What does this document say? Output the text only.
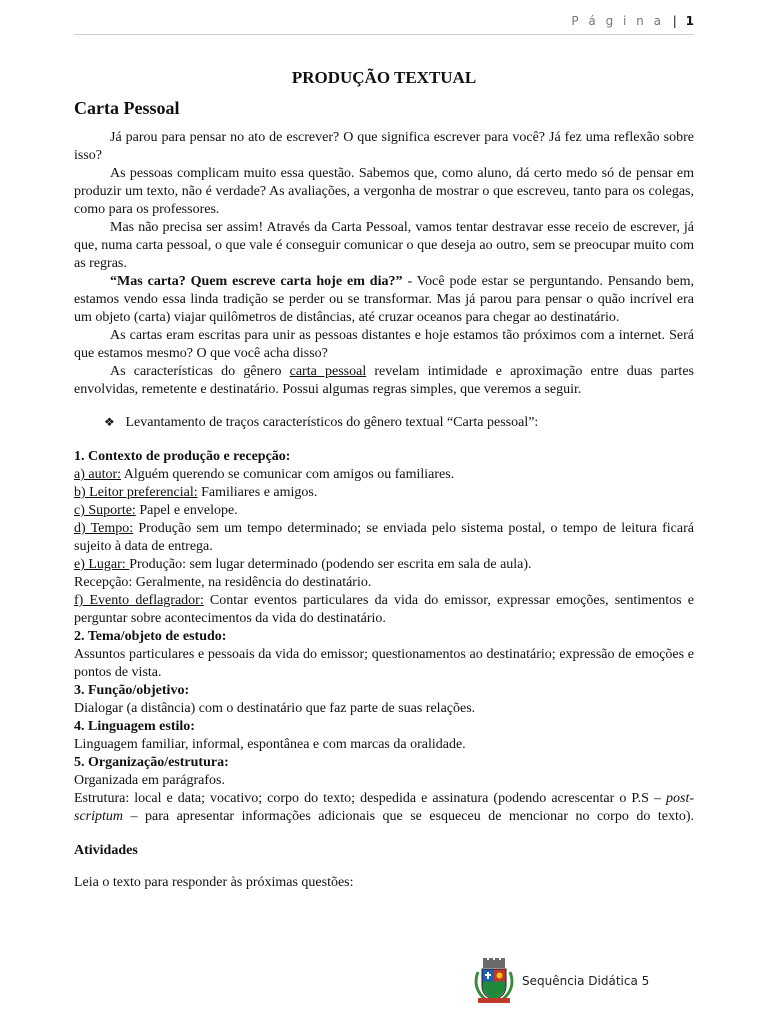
P á g i n a | 1
PRODUÇÃO TEXTUAL
Carta Pessoal

Já parou para pensar no ato de escrever? O que significa escrever para você? Já fez uma reflexão sobre isso?

As pessoas complicam muito essa questão. Sabemos que, como aluno, dá certo medo só de pensar em produzir um texto, não é verdade? As avaliações, a vergonha de mostrar o que escreveu, tanto para os colegas, como para os professores.

Mas não precisa ser assim! Através da Carta Pessoal, vamos tentar destravar esse receio de escrever, já que, numa carta pessoal, o que vale é conseguir comunicar o que deseja ao outro, sem se preocupar muito com as regras.

“Mas carta? Quem escreve carta hoje em dia?” - Você pode estar se perguntando. Pensando bem, estamos vendo essa linda tradição se perder ou se transformar. Mas já parou para pensar o quão incrível era um objeto (carta) viajar quilômetros de distâncias, até cruzar oceanos para chegar ao destinatário.

As cartas eram escritas para unir as pessoas distantes e hoje estamos tão próximos com a internet. Será que estamos mesmo? O que você acha disso?

As características do gênero carta pessoal revelam intimidade e aproximação entre duas partes envolvidas, remetente e destinatário. Possui algumas regras simples, que veremos a seguir.

❖ Levantamento de traços característicos do gênero textual “Carta pessoal”:

1. Contexto de produção e recepção:

a) autor: Alguém querendo se comunicar com amigos ou familiares.

b) Leitor preferencial: Familiares e amigos.

c) Suporte: Papel e envelope.

d) Tempo: Produção sem um tempo determinado; se enviada pelo sistema postal, o tempo de leitura ficará sujeito à data de entrega.

e) Lugar: Produção: sem lugar determinado (podendo ser escrita em sala de aula).

Recepção: Geralmente, na residência do destinatário.

f) Evento deflagrador: Contar eventos particulares da vida do emissor, expressar emoções, sentimentos e perguntar sobre acontecimentos da vida do destinatário.

2. Tema/objeto de estudo:

Assuntos particulares e pessoais da vida do emissor; questionamentos ao destinatário; expressão de emoções e pontos de vista.

3. Função/objetivo:

Dialogar (a distância) com o destinatário que faz parte de suas relações.

4. Linguagem estilo:

Linguagem familiar, informal, espontânea e com marcas da oralidade.

5. Organização/estrutura:

Organizada em parágrafos.

Estrutura: local e data; vocativo; corpo do texto; despedida e assinatura (podendo acrescentar o P.S – post-scriptum – para apresentar informações adicionais que se esqueceu de mencionar no corpo do texto).

Atividades

Leia o texto para responder às próximas questões:

Sequência Didática 5
